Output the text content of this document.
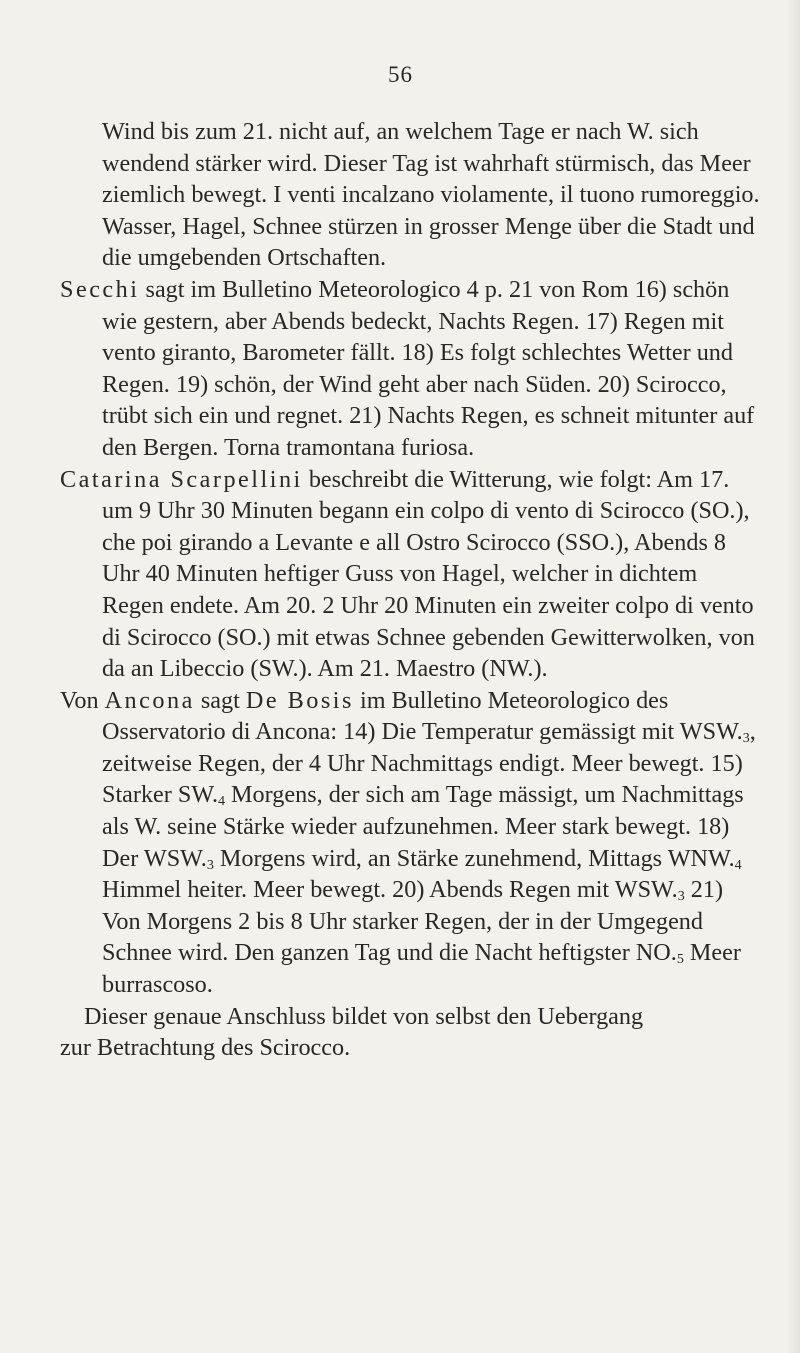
56

Wind bis zum 21. nicht auf, an welchem Tage er nach W. sich wendend stärker wird. Dieser Tag ist wahrhaft stürmisch, das Meer ziemlich bewegt. I venti incalzano violamente, il tuono rumoreggio. Wasser, Hagel, Schnee stürzen in grosser Menge über die Stadt und die umgebenden Ortschaften.

Secchi sagt im Bulletino Meteorologico 4 p. 21 von Rom 16) schön wie gestern, aber Abends bedeckt, Nachts Regen. 17) Regen mit vento giranto, Barometer fällt. 18) Es folgt schlechtes Wetter und Regen. 19) schön, der Wind geht aber nach Süden. 20) Scirocco, trübt sich ein und regnet. 21) Nachts Regen, es schneit mitunter auf den Bergen. Torna tramontana furiosa.

Catarina Scarpellini beschreibt die Witterung, wie folgt: Am 17. um 9 Uhr 30 Minuten begann ein colpo di vento di Scirocco (SO.), che poi girando a Levante e all Ostro Scirocco (SSO.), Abends 8 Uhr 40 Minuten heftiger Guss von Hagel, welcher in dichtem Regen endete. Am 20. 2 Uhr 20 Minuten ein zweiter colpo di vento di Scirocco (SO.) mit etwas Schnee gebenden Gewitterwolken, von da an Libeccio (SW.). Am 21. Maestro (NW.).

Von Ancona sagt De Bosis im Bulletino Meteorologico des Osservatorio di Ancona: 14) Die Temperatur gemässigt mit $WSW._3$, zeitweise Regen, der 4 Uhr Nachmittags endigt. Meer bewegt. 15) Starker $SW._4$ Morgens, der sich am Tage mässigt, um Nachmittags als W. seine Stärke wieder aufzunehmen. Meer stark bewegt. 18) Der $WSW._3$ Morgens wird, an Stärke zunehmend, Mittags $WNW._4$ Himmel heiter. Meer bewegt. 20) Abends Regen mit $WSW._3$ 21) Von Morgens 2 bis 8 Uhr starker Regen, der in der Umgegend Schnee wird. Den ganzen Tag und die Nacht heftigster $NO._5$ Meer burrascoso.

Dieser genaue Anschluss bildet von selbst den Uebergang
zur Betrachtung des Scirocco.
